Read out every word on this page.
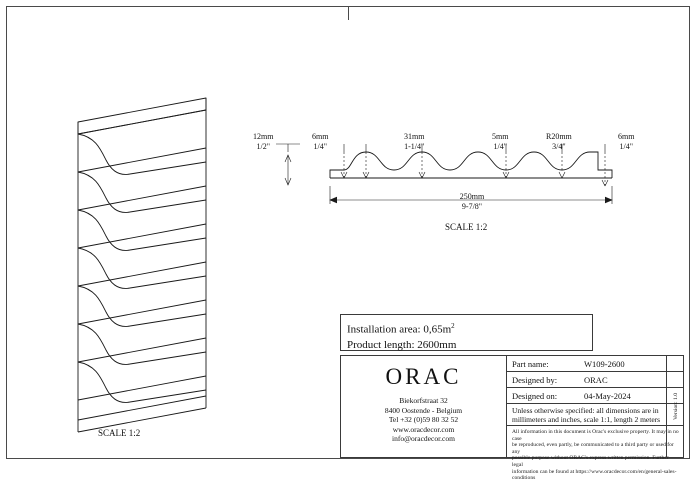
12mm
1/2"
6mm
1/4"
31mm
1-1/4"
5mm
1/4"
R20mm
3/4"
6mm
1/4"
250mm
9-7/8"
SCALE 1:2
SCALE 1:2
Installation area: $0,65m^2$
Product length: 2600mm
ORAC
Biekorfstraat 32
8400 Oostende - Belgium
Tel +32 (0)59 80 32 52
www.oracdecor.com
info@oracdecor.com
Part name:	W109-2600
Designed by:	ORAC
Designed on:	04-May-2024
Unless otherwise specified: all dimensions are in millimeters and inches, scale 1:1, length 2 meters
All information in this document is Orac's exclusive property. It may in no case
be reproduced, even partly, be communicated to a third party or used for any
possible purpose without ORAC's express written permission. Further legal
information can be found at https://www.oracdecor.com/en/general-sales-conditions
Version: 1.0
